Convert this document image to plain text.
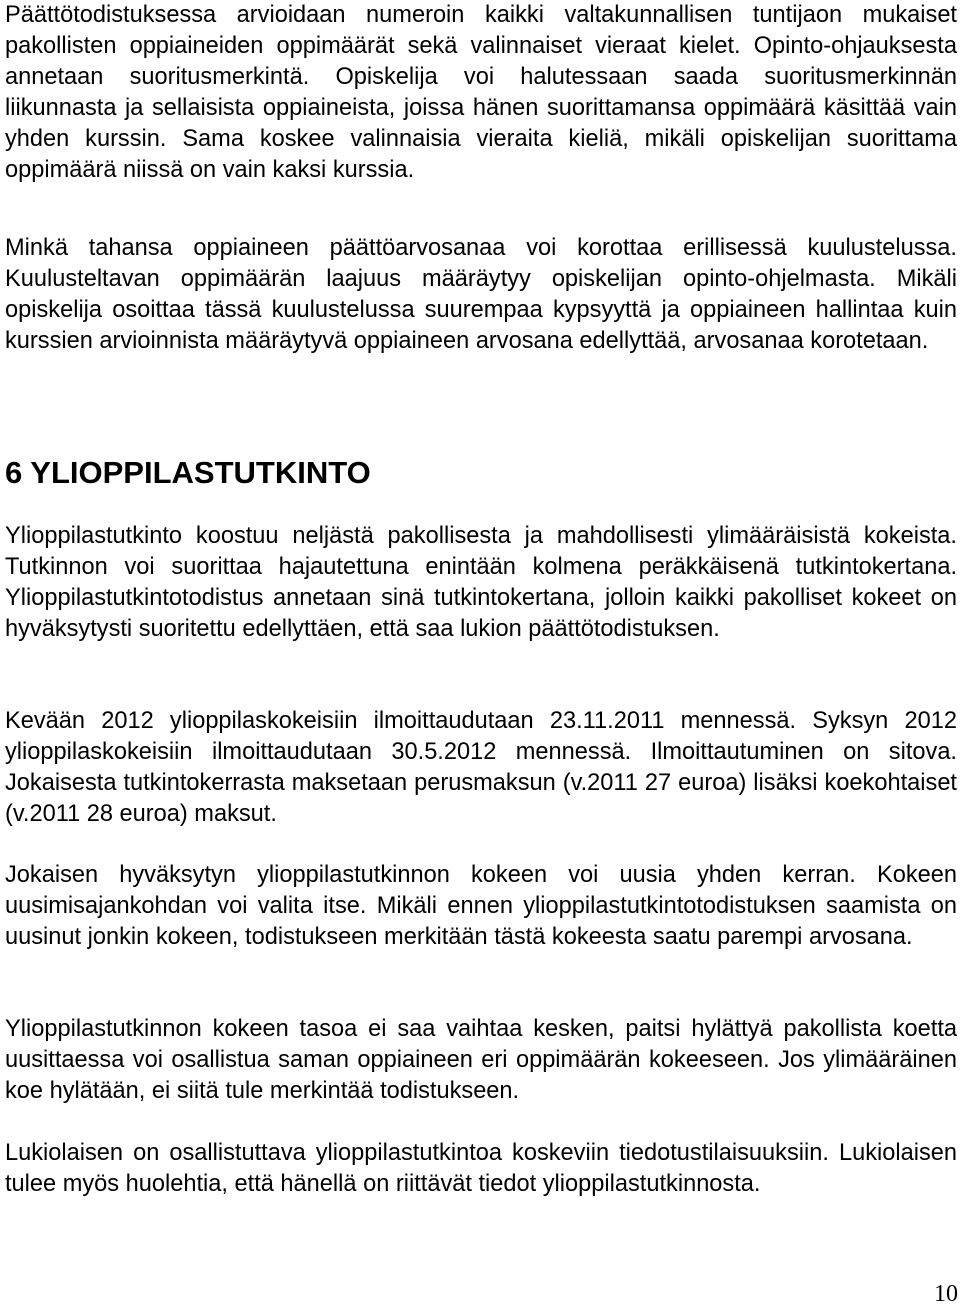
Päättötodistuksessa arvioidaan numeroin kaikki valtakunnallisen tuntijaon mukaiset pakollisten oppiaineiden oppimäärät sekä valinnaiset vieraat kielet. Opinto-ohjauksesta annetaan suoritusmerkintä. Opiskelija voi halutessaan saada suoritusmerkinnän liikunnasta ja sellaisista oppiaineista, joissa hänen suorittamansa oppimäärä käsittää vain yhden kurssin. Sama koskee valinnaisia vieraita kieliä, mikäli opiskelijan suorittama oppimäärä niissä on vain kaksi kurssia.

Minkä tahansa oppiaineen päättöarvosanaa voi korottaa erillisessä kuulustelussa. Kuulusteltavan oppimäärän laajuus määräytyy opiskelijan opinto-ohjelmasta. Mikäli opiskelija osoittaa tässä kuulustelussa suurempaa kypsyyttä ja oppiaineen hallintaa kuin kurssien arvioinnista määräytyvä oppiaineen arvosana edellyttää, arvosanaa korotetaan.

6 YLIOPPILASTUTKINTO

Ylioppilastutkinto koostuu neljästä pakollisesta ja mahdollisesti ylimääräisistä kokeista. Tutkinnon voi suorittaa hajautettuna enintään kolmena peräkkäisenä tutkintokertana. Ylioppilastutkintotodistus annetaan sinä tutkintokertana, jolloin kaikki pakolliset kokeet on hyväksytysti suoritettu edellyttäen, että saa lukion päättötodistuksen.

Kevään 2012 ylioppilaskokeisiin ilmoittaudutaan 23.11.2011 mennessä. Syksyn 2012 ylioppilaskokeisiin ilmoittaudutaan 30.5.2012 mennessä. Ilmoittautuminen on sitova. Jokaisesta tutkintokerrasta maksetaan perusmaksun (v.2011 27 euroa) lisäksi koekohtaiset (v.2011 28 euroa) maksut.

Jokaisen hyväksytyn ylioppilastutkinnon kokeen voi uusia yhden kerran. Kokeen uusimisajankohdan voi valita itse. Mikäli ennen ylioppilastutkintotodistuksen saamista on uusinut jonkin kokeen, todistukseen merkitään tästä kokeesta saatu parempi arvosana.

Ylioppilastutkinnon kokeen tasoa ei saa vaihtaa kesken, paitsi hylättyä pakollista koetta uusittaessa voi osallistua saman oppiaineen eri oppimäärän kokeeseen. Jos ylimääräinen koe hylätään, ei siitä tule merkintää todistukseen.

Lukiolaisen on osallistuttava ylioppilastutkintoa koskeviin tiedotustilaisuuksiin. Lukiolaisen tulee myös huolehtia, että hänellä on riittävät tiedot ylioppilastutkinnosta.

10
